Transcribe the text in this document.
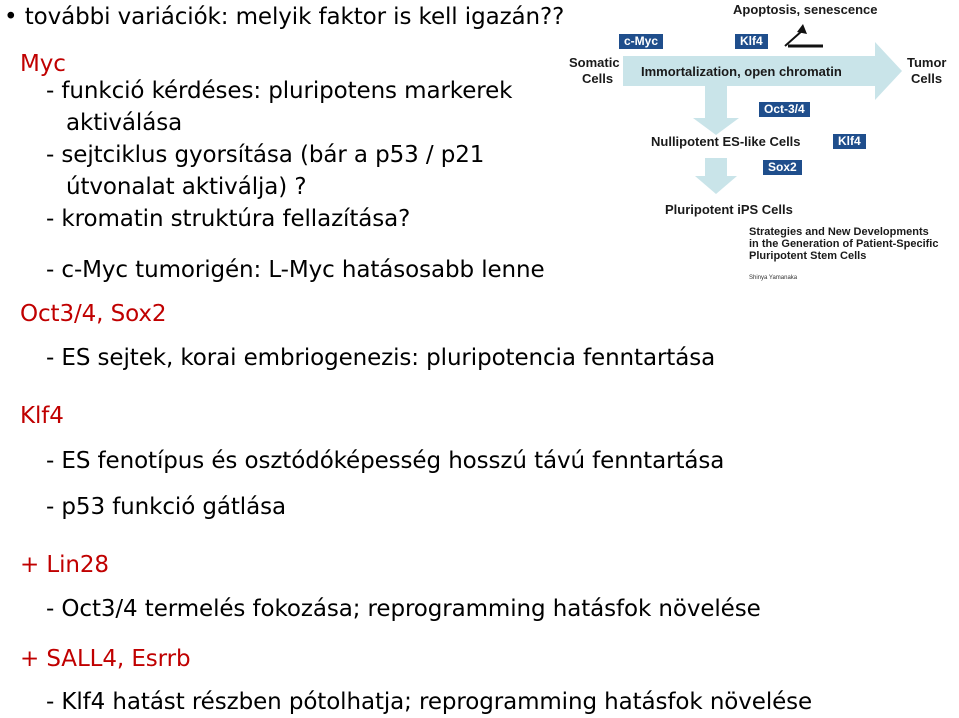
• további variációk: melyik faktor is kell igazán??
Myc
- funkció kérdéses: pluripotens markerek
aktiválása
- sejtciklus gyorsítása (bár a p53 / p21
útvonalat aktiválja) ?
- kromatin struktúra fellazítása?
- c-Myc tumorigén: L-Myc hatásosabb lenne
Oct3/4, Sox2
- ES sejtek, korai embriogenezis: pluripotencia fenntartása
Klf4
- ES fenotípus és osztódóképesség hosszú távú fenntartása
- p53 funkció gátlása
+ Lin28
- Oct3/4 termelés fokozása; reprogramming hatásfok növelése
+ SALL4, Esrrb
- Klf4 hatást részben pótolhatja; reprogramming hatásfok növelése
Apoptosis, senescence
c-Myc	Klf4
Somatic
Cells
Tumor
Cells
Immortalization, open chromatin
Oct-3/4
Nullipotent ES-like Cells	Klf4
Sox2
Pluripotent iPS Cells
Strategies and New Developments
in the Generation of Patient-Specific
Pluripotent Stem Cells
Shinya Yamanaka
